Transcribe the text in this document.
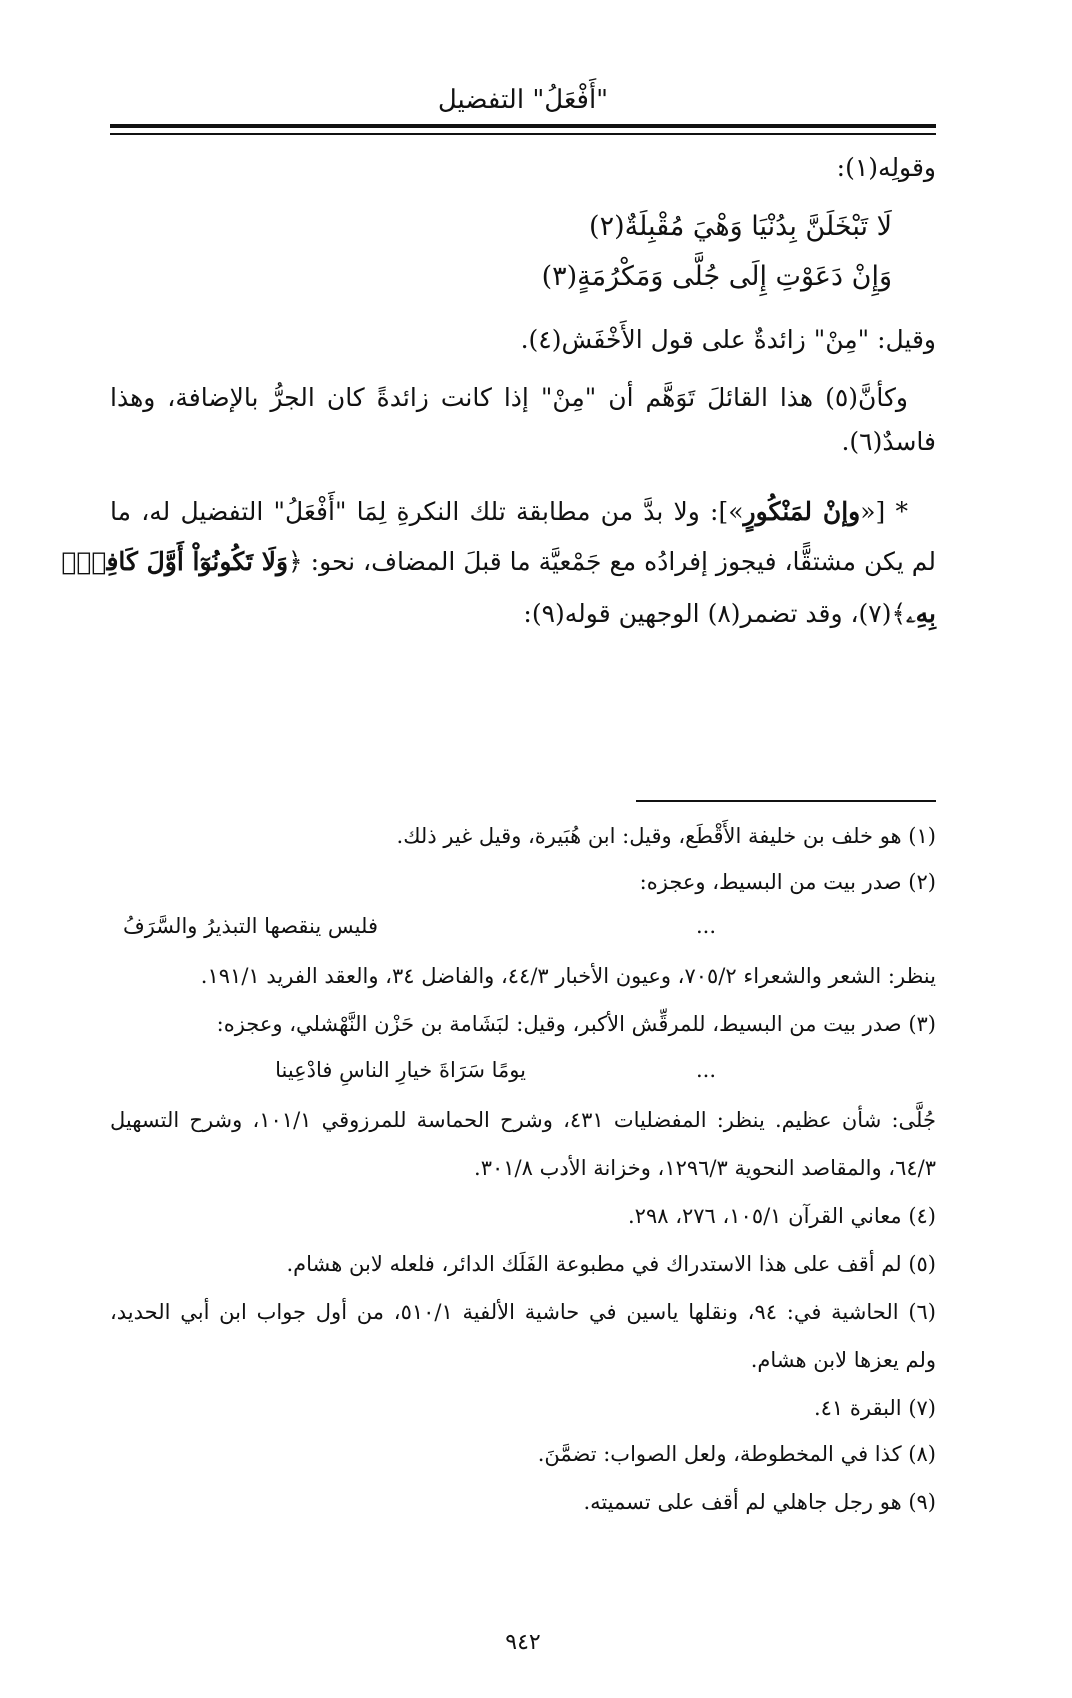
"أَفْعَلُ" التفضيل
وقولِه(١):
لَا تَبْخَلَنَّ بِدُنْيَا وَهْيَ مُقْبِلَةٌ(٢)
وَإِنْ دَعَوْتِ إِلَى جُلَّى وَمَكْرُمَةٍ(٣)
وقيل: "مِنْ" زائدةٌ على قول الأَخْفَش(٤).
وكأنَّ(٥) هذا القائلَ تَوَهَّم أن "مِنْ" إذا كانت زائدةً كان الجرُّ بالإضافة، وهذا
فاسدٌ(٦).
* [«وإنْ لمَنْكُورٍ»]: ولا بدَّ من مطابقة تلك النكرةِ لِمَا "أَفْعَلُ" التفضيل له، ما
لم يكن مشتقًّا، فيجوز إفرادُه مع جَمْعيَّة ما قبلَ المضاف، نحو: ﴿وَلَا تَكُونُوٓاْ أَوَّلَ كَافِرِۭ
بِهِۦ﴾(٧)، وقد تضمر(٨) الوجهين قوله(٩):
(١) هو خلف بن خليفة الأَقْطَع، وقيل: ابن هُبَيرة، وقيل غير ذلك.
(٢) صدر بيت من البسيط، وعجزه:
...
فليس ينقصها التبذيرُ والسَّرَفُ
ينظر: الشعر والشعراء ٧٠٥/٢، وعيون الأخبار ٤٤/٣، والفاضل ٣٤، والعقد الفريد ١٩١/١.
(٣) صدر بيت من البسيط، للمرقِّش الأكبر، وقيل: لبَشَامة بن حَزْن النَّهْشلي، وعجزه:
...
يومًا سَرَاةَ خيارِ الناسِ فادْعِينا
جُلَّى: شأن عظيم. ينظر: المفضليات ٤٣١، وشرح الحماسة للمرزوقي ١٠١/١، وشرح التسهيل
٦٤/٣، والمقاصد النحوية ١٢٩٦/٣، وخزانة الأدب ٣٠١/٨.
(٤) معاني القرآن ١٠٥/١، ٢٧٦، ٢٩٨.
(٥) لم أقف على هذا الاستدراك في مطبوعة الفَلَك الدائر، فلعله لابن هشام.
(٦) الحاشية في: ٩٤، ونقلها ياسين في حاشية الألفية ٥١٠/١، من أول جواب ابن أبي الحديد،
ولم يعزها لابن هشام.
(٧) البقرة ٤١.
(٨) كذا في المخطوطة، ولعل الصواب: تضمَّنَ.
(٩) هو رجل جاهلي لم أقف على تسميته.
٩٤٢
